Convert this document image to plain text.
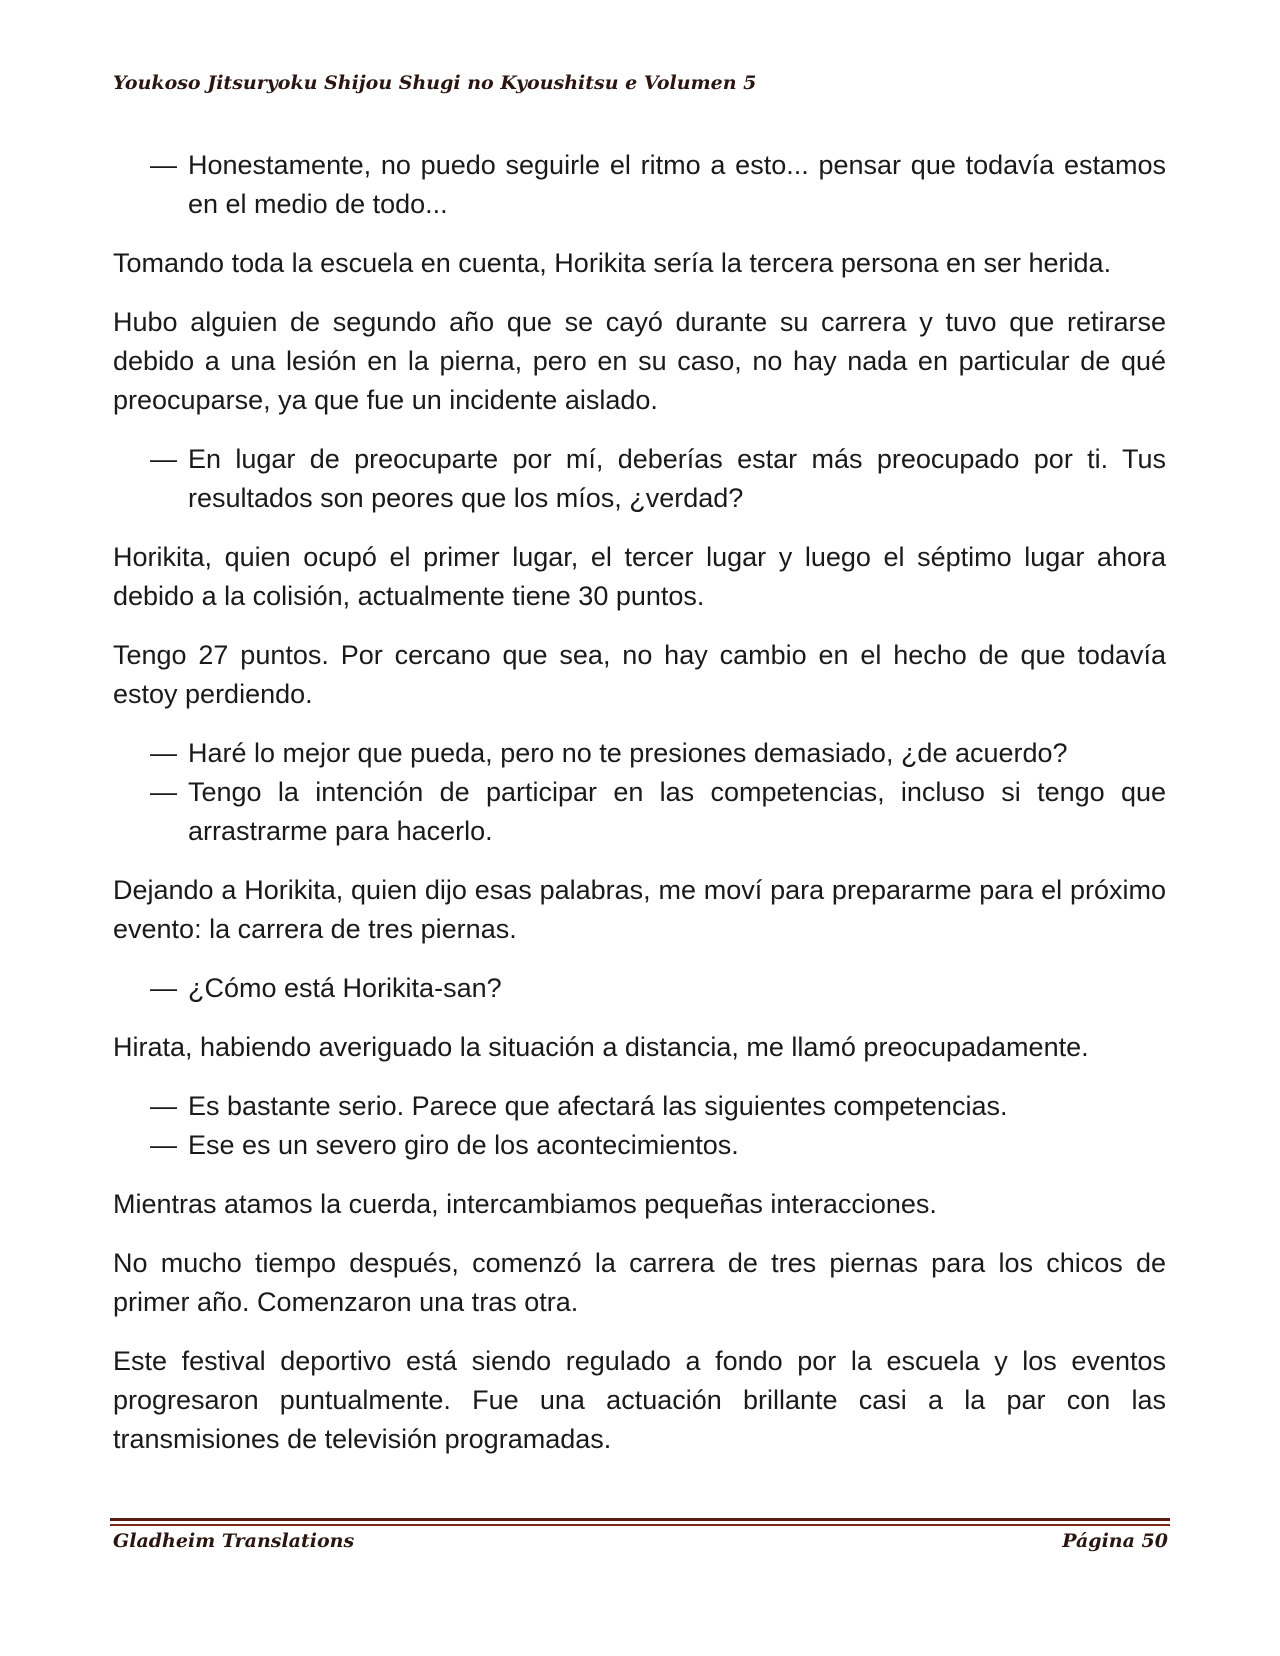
Youkoso Jitsuryoku Shijou Shugi no Kyoushitsu e Volumen 5
— Honestamente, no puedo seguirle el ritmo a esto... pensar que todavía estamos en el medio de todo...

Tomando toda la escuela en cuenta, Horikita sería la tercera persona en ser herida.

Hubo alguien de segundo año que se cayó durante su carrera y tuvo que retirarse debido a una lesión en la pierna, pero en su caso, no hay nada en particular de qué preocuparse, ya que fue un incidente aislado.

— En lugar de preocuparte por mí, deberías estar más preocupado por ti. Tus resultados son peores que los míos, ¿verdad?

Horikita, quien ocupó el primer lugar, el tercer lugar y luego el séptimo lugar ahora debido a la colisión, actualmente tiene 30 puntos.

Tengo 27 puntos. Por cercano que sea, no hay cambio en el hecho de que todavía estoy perdiendo.

— Haré lo mejor que pueda, pero no te presiones demasiado, ¿de acuerdo?
— Tengo la intención de participar en las competencias, incluso si tengo que arrastrarme para hacerlo.

Dejando a Horikita, quien dijo esas palabras, me moví para prepararme para el próximo evento: la carrera de tres piernas.

— ¿Cómo está Horikita-san?

Hirata, habiendo averiguado la situación a distancia, me llamó preocupadamente.

— Es bastante serio. Parece que afectará las siguientes competencias.
— Ese es un severo giro de los acontecimientos.

Mientras atamos la cuerda, intercambiamos pequeñas interacciones.

No mucho tiempo después, comenzó la carrera de tres piernas para los chicos de primer año. Comenzaron una tras otra.

Este festival deportivo está siendo regulado a fondo por la escuela y los eventos progresaron puntualmente. Fue una actuación brillante casi a la par con las transmisiones de televisión programadas.

Gladheim Translations	Página 50
